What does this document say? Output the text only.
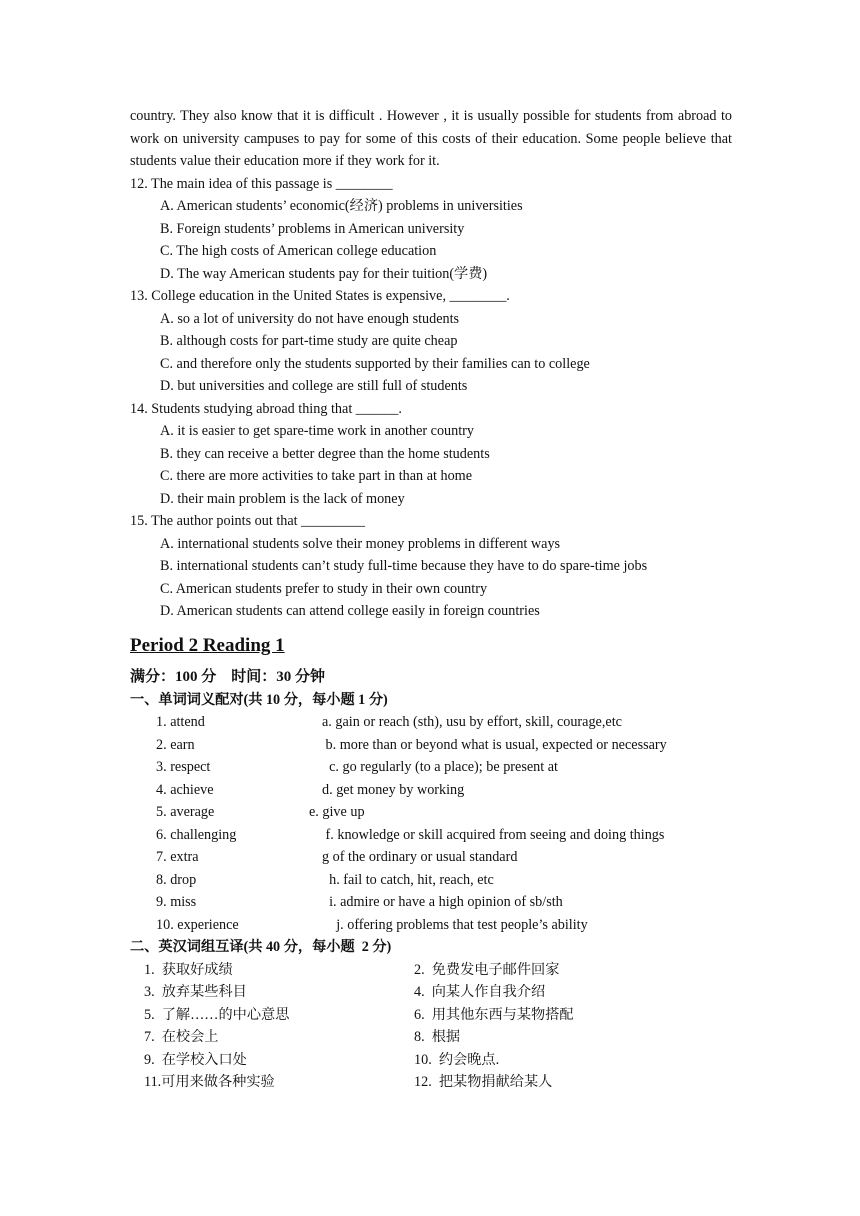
country. They also know that it is difficult . However , it is usually possible for students from abroad to work on university campuses to pay for some of this costs of their education. Some people believe that students value their education more if they work for it.

12. The main idea of this passage is ________

A. American students’ economic(经济) problems in universities

B. Foreign students’ problems in American university

C. The high costs of American college education

D. The way American students pay for their tuition(学费)

13. College education in the United States is expensive, ________.

A. so a lot of university do not have enough students

B. although costs for part-time study are quite cheap

C. and therefore only the students supported by their families can to college

D. but universities and college are still full of students

14. Students studying abroad thing that ______.

A. it is easier to get spare-time work in another country

B. they can receive a better degree than the home students

C. there are more activities to take part in than at home

D. their main problem is the lack of money

15. The author points out that _________

A. international students solve their money problems in different ways

B. international students can’t study full-time because they have to do spare-time jobs

C. American students prefer to study in their own country

D. American students can attend college easily in foreign countries

Period 2 Reading 1

满分：100 分    时间：30 分钟

一、单词词义配对(共 10 分，每小题 1 分)

1. attend	a. gain or reach (sth), usu by effort, skill, courage,etc
2. earn	b. more than or beyond what is usual, expected or necessary
3. respect	c. go regularly (to a place); be present at
4. achieve	d. get money by working
5. average	e. give up
6. challenging	f. knowledge or skill acquired from seeing and doing things
7. extra	g of the ordinary or usual standard
8. drop	h. fail to catch, hit, reach, etc
9. miss	i. admire or have a high opinion of sb/sth
10. experience	j. offering problems that test people’s ability

二、英汉词组互译(共 40 分，每小题  2 分)

1.  获取好成绩	2.  免费发电子邮件回家
3.  放弃某些科目	4.  向某人作自我介绍
5.  了解……的中心意思	6.  用其他东西与某物搭配
7.  在校会上	8.  根据
9.  在学校入口处	10.  约会晚点.
11.可用来做各种实验	12.  把某物捐献给某人
